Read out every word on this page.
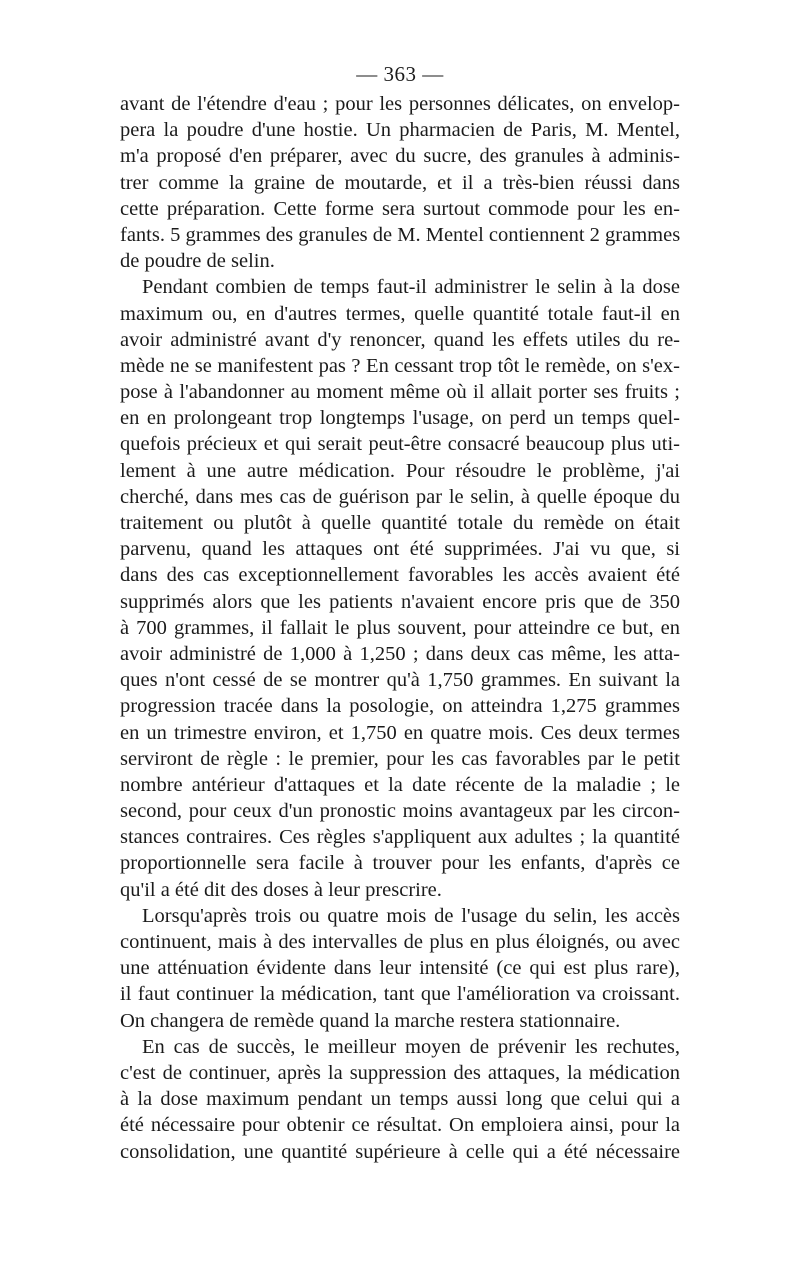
— 363 —
avant de l'étendre d'eau ; pour les personnes délicates, on envelop-
pera la poudre d'une hostie. Un pharmacien de Paris, M. Mentel,
m'a proposé d'en préparer, avec du sucre, des granules à adminis-
trer comme la graine de moutarde, et il a très-bien réussi dans
cette préparation. Cette forme sera surtout commode pour les en-
fants. 5 grammes des granules de M. Mentel contiennent 2 grammes
de poudre de selin.
Pendant combien de temps faut-il administrer le selin à la dose
maximum ou, en d'autres termes, quelle quantité totale faut-il en
avoir administré avant d'y renoncer, quand les effets utiles du re-
mède ne se manifestent pas ? En cessant trop tôt le remède, on s'ex-
pose à l'abandonner au moment même où il allait porter ses fruits ;
en en prolongeant trop longtemps l'usage, on perd un temps quel-
quefois précieux et qui serait peut-être consacré beaucoup plus uti-
lement à une autre médication. Pour résoudre le problème, j'ai
cherché, dans mes cas de guérison par le selin, à quelle époque du
traitement ou plutôt à quelle quantité totale du remède on était
parvenu, quand les attaques ont été supprimées. J'ai vu que, si
dans des cas exceptionnellement favorables les accès avaient été
supprimés alors que les patients n'avaient encore pris que de 350
à 700 grammes, il fallait le plus souvent, pour atteindre ce but, en
avoir administré de 1,000 à 1,250 ; dans deux cas même, les atta-
ques n'ont cessé de se montrer qu'à 1,750 grammes. En suivant la
progression tracée dans la posologie, on atteindra 1,275 grammes
en un trimestre environ, et 1,750 en quatre mois. Ces deux termes
serviront de règle : le premier, pour les cas favorables par le petit
nombre antérieur d'attaques et la date récente de la maladie ; le
second, pour ceux d'un pronostic moins avantageux par les circon-
stances contraires. Ces règles s'appliquent aux adultes ; la quantité
proportionnelle sera facile à trouver pour les enfants, d'après ce
qu'il a été dit des doses à leur prescrire.
Lorsqu'après trois ou quatre mois de l'usage du selin, les accès
continuent, mais à des intervalles de plus en plus éloignés, ou avec
une atténuation évidente dans leur intensité (ce qui est plus rare),
il faut continuer la médication, tant que l'amélioration va croissant.
On changera de remède quand la marche restera stationnaire.
En cas de succès, le meilleur moyen de prévenir les rechutes,
c'est de continuer, après la suppression des attaques, la médication
à la dose maximum pendant un temps aussi long que celui qui a
été nécessaire pour obtenir ce résultat. On emploiera ainsi, pour la
consolidation, une quantité supérieure à celle qui a été nécessaire
